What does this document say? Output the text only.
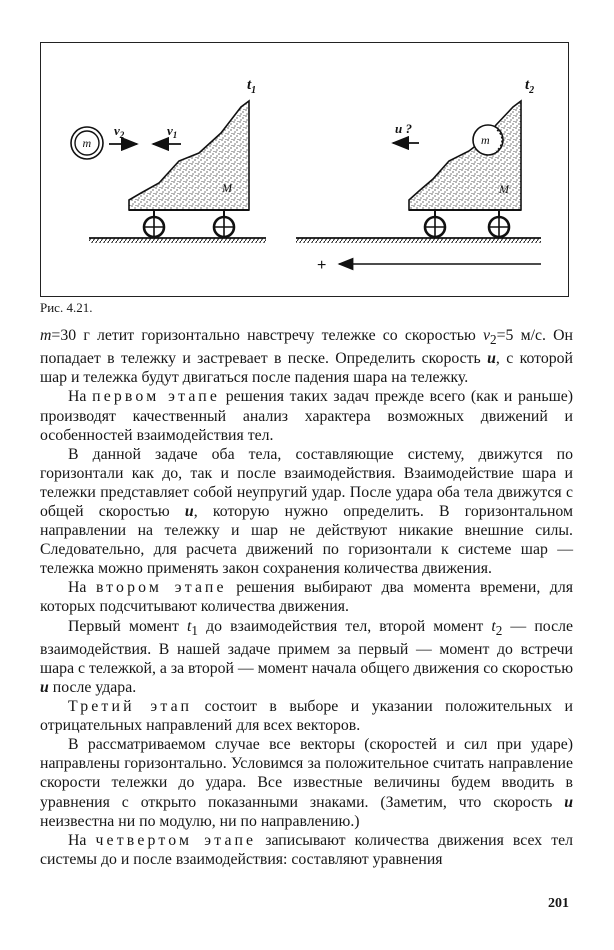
m
$v_2$	$v_1$
M
$t_1$
m
u ?
M
$t_2$
+
Рис. 4.21.

m=30 г летит горизонтально навстречу тележке со скоростью $v_2=5$ м/с. Он попадает в тележку и застревает в песке. Определить скорость u, с которой шар и тележка будут двигаться после падения шара на тележку.

На первом этапе решения таких задач прежде всего (как и раньше) производят качественный анализ характера возможных движений и особенностей взаимодействия тел.

В данной задаче оба тела, составляющие систему, движутся по горизонтали как до, так и после взаимодействия. Взаимодействие шара и тележки представляет собой неупругий удар. После удара оба тела движутся с общей скоростью u, которую нужно определить. В горизонтальном направлении на тележку и шар не действуют никакие внешние силы. Следовательно, для расчета движений по горизонтали к системе шар — тележка можно применять закон сохранения количества движения.

На втором этапе решения выбирают два момента времени, для которых подсчитывают количества движения.

Первый момент $t_1$ до взаимодействия тел, второй момент $t_2$ — после взаимодействия. В нашей задаче примем за первый — момент до встречи шара с тележкой, а за второй — момент начала общего движения со скоростью u после удара.

Третий этап состоит в выборе и указании положительных и отрицательных направлений для всех векторов.

В рассматриваемом случае все векторы (скоростей и сил при ударе) направлены горизонтально. Условимся за положительное считать направление скорости тележки до удара. Все известные величины будем вводить в уравнения с открыто показанными знаками. (Заметим, что скорость u неизвестна ни по модулю, ни по направлению.)

На четвертом этапе записывают количества движения всех тел системы до и после взаимодействия: составляют уравнения

201
